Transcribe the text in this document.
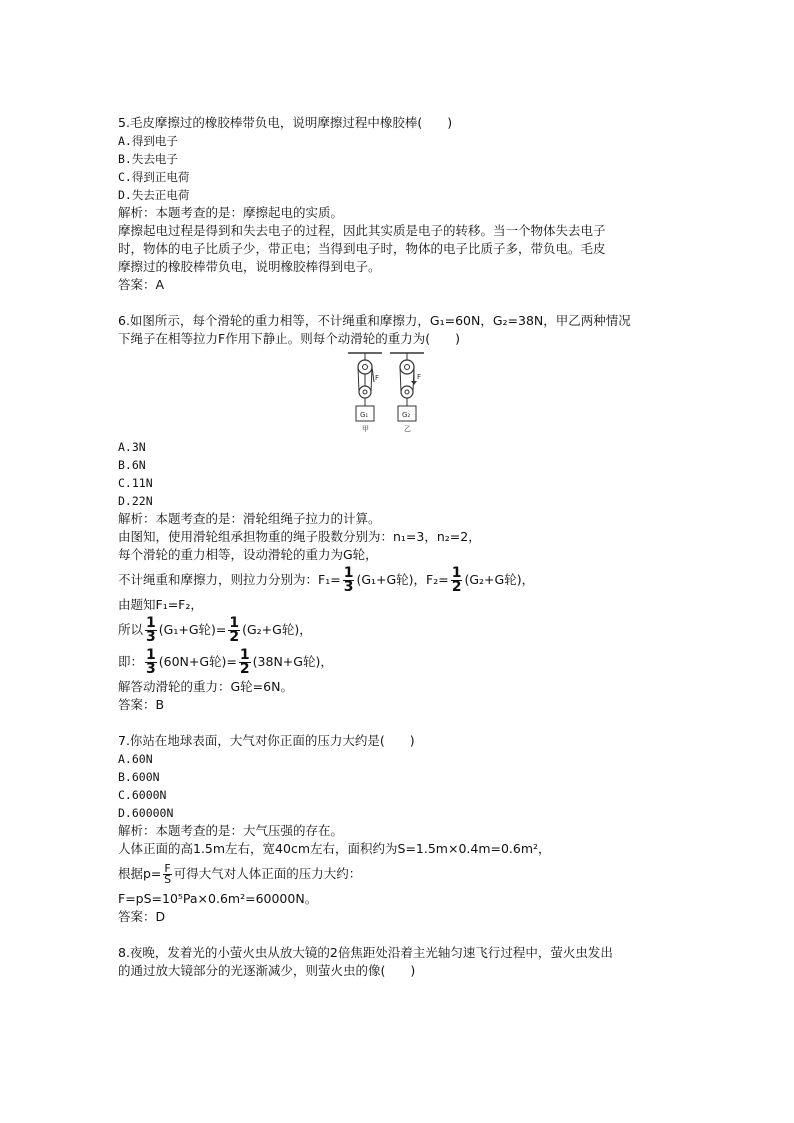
5.毛皮摩擦过的橡胶棒带负电，说明摩擦过程中橡胶棒(　　)
A.得到电子
B.失去电子
C.得到正电荷
D.失去正电荷
解析：本题考查的是：摩擦起电的实质。
摩擦起电过程是得到和失去电子的过程，因此其实质是电子的转移。当一个物体失去电子
时，物体的电子比质子少，带正电；当得到电子时，物体的电子比质子多，带负电。毛皮
摩擦过的橡胶棒带负电，说明橡胶棒得到电子。
答案：A
6.如图所示，每个滑轮的重力相等，不计绳重和摩擦力，G₁=60N，G₂=38N，甲乙两种情况
下绳子在相等拉力F作用下静止。则每个动滑轮的重力为(　　)
F
G₁
甲
F
G₂
乙
A.3N
B.6N
C.11N
D.22N
解析：本题考查的是：滑轮组绳子拉力的计算。
由图知，使用滑轮组承担物重的绳子股数分别为：n₁=3，n₂=2，
每个滑轮的重力相等，设动滑轮的重力为G轮，
不计绳重和摩擦力，则拉力分别为：$F_1= \frac{1}{3} (G_1+G$轮)，$F_2= \frac{1}{2} (G_2+G$轮)，
由题知F₁=F₂，
所以 $\frac{1}{3} (G_1+G$轮)= $\frac{1}{2} (G_2+G$轮)，
即： $\frac{1}{3} (60N+G$轮)= $\frac{1}{2} (38N+G$轮)，
解答动滑轮的重力：G轮=6N。
答案：B
7.你站在地球表面，大气对你正面的压力大约是(　　)
A.60N
B.600N
C.6000N
D.60000N
解析：本题考查的是：大气压强的存在。
人体正面的高1.5m左右，宽40cm左右，面积约为S=1.5m×0.4m=0.6m²，
根据$p= \frac{F}{S}$ 可得大气对人体正面的压力大约：
F=pS=10⁵Pa×0.6m²=60000N。
答案：D
8.夜晚，发着光的小萤火虫从放大镜的2倍焦距处沿着主光轴匀速飞行过程中，萤火虫发出
的通过放大镜部分的光逐渐减少，则萤火虫的像(　　)
